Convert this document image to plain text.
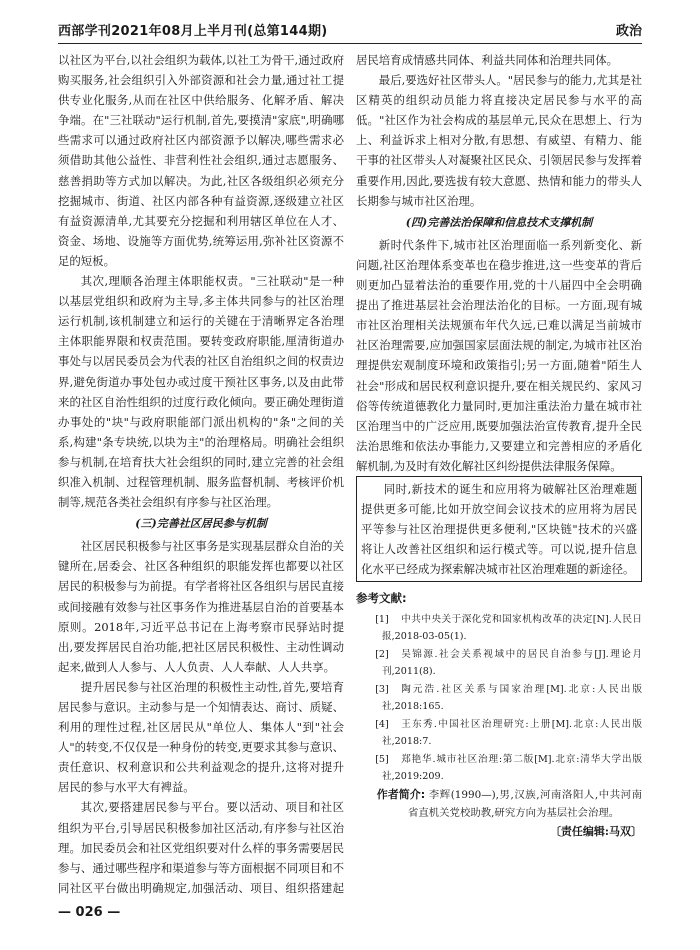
西部学刊2021年08月上半月刊(总第144期)	政治

以社区为平台,以社会组织为载体,以社工为骨干,通过政府购买服务,社会组织引入外部资源和社会力量,通过社工提供专业化服务,从而在社区中供给服务、化解矛盾、解决争端。在"三社联动"运行机制,首先,要摸清"家底",明确哪些需求可以通过政府社区内部资源予以解决,哪些需求必须借助其他公益性、非营利性社会组织,通过志愿服务、慈善捐助等方式加以解决。为此,社区各级组织必须充分挖掘城市、街道、社区内部各种有益资源,逐级建立社区有益资源清单,尤其要充分挖掘和利用辖区单位在人才、资金、场地、设施等方面优势,统筹运用,弥补社区资源不足的短板。

其次,理顺各治理主体职能权责。"三社联动"是一种以基层党组织和政府为主导,多主体共同参与的社区治理运行机制,该机制建立和运行的关键在于清晰界定各治理主体职能界限和权责范围。要转变政府职能,厘清街道办事处与以居民委员会为代表的社区自治组织之间的权责边界,避免街道办事处包办或过度干预社区事务,以及由此带来的社区自治性组织的过度行政化倾向。要正确处理街道办事处的"块"与政府职能部门派出机构的"条"之间的关系,构建"条专块统,以块为主"的治理格局。明确社会组织参与机制,在培育扶大社会组织的同时,建立完善的社会组织准入机制、过程管理机制、服务监督机制、考核评价机制等,规范各类社会组织有序参与社区治理。

(三)完善社区居民参与机制

社区居民积极参与社区事务是实现基层群众自治的关键所在,居委会、社区各种组织的职能发挥也都要以社区居民的积极参与为前提。有学者将社区各组织与居民直接或间接融有效参与社区事务作为推进基层自治的首要基本原则。2018年,习近平总书记在上海考察市民驿站时提出,要发挥居民自治功能,把社区居民积极性、主动性调动起来,做到人人参与、人人负责、人人奉献、人人共享。

提升居民参与社区治理的积极性主动性,首先,要培育居民参与意识。主动参与是一个知情表达、商讨、质疑、利用的理性过程,社区居民从"单位人、集体人"到"社会人"的转变,不仅仅是一种身份的转变,更要求其参与意识、责任意识、权利意识和公共利益观念的提升,这将对提升居民的参与水平大有裨益。

其次,要搭建居民参与平台。要以活动、项目和社区组织为平台,引导居民积极参加社区活动,有序参与社区治理。加民委员会和社区党组织要对什么样的事务需要居民参与、通过哪些程序和渠道参与等方面根据不同项目和不同社区平台做出明确规定,加强活动、项目、组织搭建起

居民培育成情感共同体、利益共同体和治理共同体。

最后,要选好社区带头人。"居民参与的能力,尤其是社区精英的组织动员能力将直接决定居民参与水平的高低。"社区作为社会构成的基层单元,民众在思想上、行为上、利益诉求上相对分散,有思想、有威望、有精力、能干事的社区带头人对凝聚社区民众、引领居民参与发挥着重要作用,因此,要选拔有较大意愿、热情和能力的带头人长期参与城市社区治理。

(四)完善法治保障和信息技术支撑机制

新时代条件下,城市社区治理面临一系列新变化、新问题,社区治理体系变革也在稳步推进,这一些变革的背后则更加凸显着法治的重要作用,党的十八届四中全会明确提出了推进基层社会治理法治化的目标。一方面,现有城市社区治理相关法规颁布年代久远,已难以满足当前城市社区治理需要,应加强国家层面法规的制定,为城市社区治理提供宏观制度环境和政策指引;另一方面,随着"陌生人社会"形成和居民权利意识提升,要在相关规民约、家风习俗等传统道德教化力量同时,更加注重法治力量在城市社区治理当中的广泛应用,既要加强法治宣传教育,提升全民法治思维和依法办事能力,又要建立和完善相应的矛盾化解机制,为及时有效化解社区纠纷提供法律服务保障。

同时,新技术的诞生和应用将为破解社区治理难题提供更多可能,比如开放空间会议技术的应用将为居民平等参与社区治理提供更多便利,"区块链"技术的兴盛将让人改善社区组织和运行模式等。可以说,提升信息化水平已经成为探索解决城市社区治理难题的新途径。

参考文献:

[1] 中共中央关于深化党和国家机构改革的决定[N].人民日报,2018-03-05(1).

[2] 吴锦源.社会关系视域中的居民自治参与[J].理论月刊,2011(8).

[3] 陶元浩.社区关系与国家治理[M].北京:人民出版社,2018:165.

[4] 王东秀.中国社区治理研究:上册[M].北京:人民出版社,2018:7.

[5] 郑艳华.城市社区治理:第二版[M].北京:清华大学出版社,2019:209.

作者简介: 李辉(1990—),男,汉族,河南洛阳人,中共河南省直机关党校助教,研究方向为基层社会治理。

〔责任编辑:马双〕

— 026 —
